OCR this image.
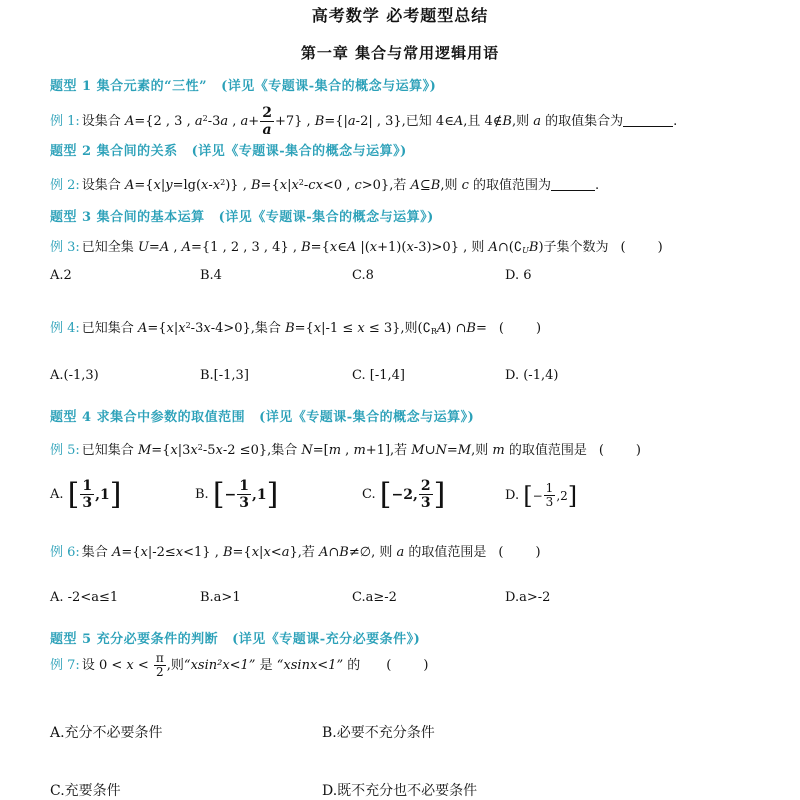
高考数学 必考题型总结
第一章 集合与常用逻辑用语
题型 1 集合元素的“三性” (详见《专题课-集合的概念与运算》)
例 1: 设集合 A={2 , 3 , $a^2-3a$ , $a+ \frac{2}{a} +7$} , B={|a-2| , 3},已知 4∈A,且 4∉B,则 a 的取值集合为	.
题型 2 集合间的关系 (详见《专题课-集合的概念与运算》)
例 2: 设集合 $A=\{x|y=\lg(x-x^2)\}$ , $B=\{x|x^2-cx<0$ , c>0},若 A⊆B,则 c 的取值范围为	.
题型 3 集合间的基本运算 (详见《专题课-集合的概念与运算》)
例 3: 已知全集 U=A , A={1 , 2 , 3 , 4} , B={x∈A |(x+1)(x-3)>0} , 则 $A\cap(∁_UB)$子集个数为 (　　)
A.2	B.4	C.8	D. 6
例 4: 已知集合 $A=\{x|x^2-3x-4>0\}$,集合 B={x|-1 ≤ x ≤ 3},则$(∁_RA)$ ∩B= (　　)
A.(-1,3)	B.[-1,3]	C. [-1,4]	D. (-1,4)
题型 4 求集合中参数的取值范围 (详见《专题课-集合的概念与运算》)
例 5: 已知集合 $M=\{x|3x^2-5x-2 \le 0\}$,集合 N=[m , m+1],若 M∪N=M,则 m 的取值范围是 (　　)
A. [ $\frac{1}{3} ,1$]	B. [− $\frac{1}{3} ,1$]	C. [−2, $\frac{2}{3}$ ]	D. [− $\frac{1}{3} ,2$]
例 6: 集合 A={x|-2≤x<1} , B={x|x<a},若 A∩B≠∅, 则 a 的取值范围是 (　　)
A. -2<a≤1	B.a>1	C.a≥-2	D.a>-2
题型 5 充分必要条件的判断 (详见《专题课-充分必要条件》)
例 7: 设 $0 < x < \frac{\pi}{2}$ ,则“xsin²x<1” 是 “xsinx<1” 的 (　　)
A.充分不必要条件	B.必要不充分条件
C.充要条件	D.既不充分也不必要条件
